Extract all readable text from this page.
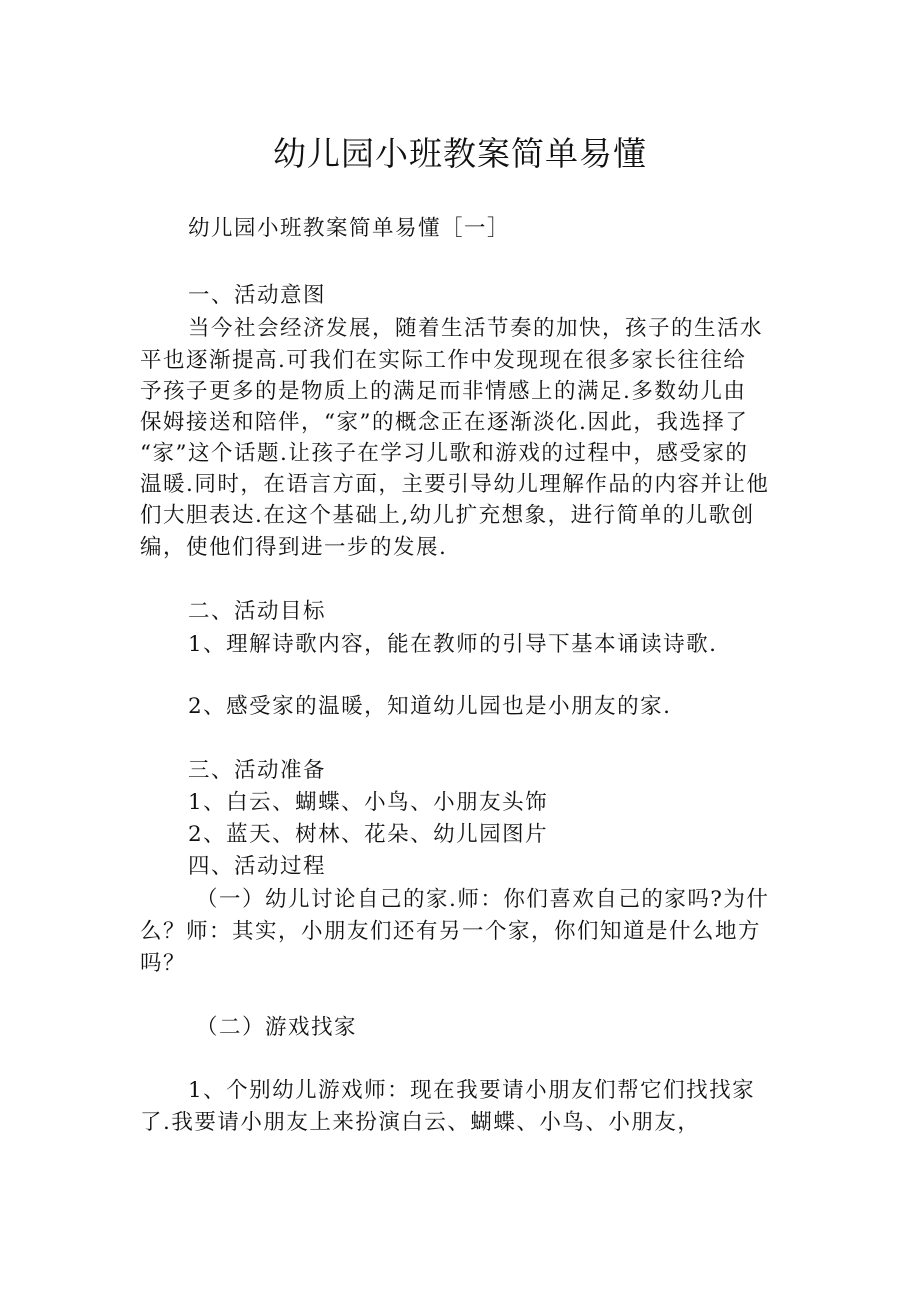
幼儿园小班教案简单易懂
幼儿园小班教案简单易懂［一］
一、活动意图
当今社会经济发展，随着生活节奏的加快，孩子的生活水
平也逐渐提高.可我们在实际工作中发现现在很多家长往往给
予孩子更多的是物质上的满足而非情感上的满足.多数幼儿由
保姆接送和陪伴，“家”的概念正在逐渐淡化.因此，我选择了
“家”这个话题.让孩子在学习儿歌和游戏的过程中，感受家的
温暖.同时，在语言方面，主要引导幼儿理解作品的内容并让他
们大胆表达.在这个基础上,幼儿扩充想象，进行简单的儿歌创
编，使他们得到进一步的发展.
二、活动目标
1、理解诗歌内容，能在教师的引导下基本诵读诗歌.
2、感受家的温暖，知道幼儿园也是小朋友的家.
三、活动准备
1、白云、蝴蝶、小鸟、小朋友头饰
2、蓝天、树林、花朵、幼儿园图片
四、活动过程
（一）幼儿讨论自己的家.师：你们喜欢自己的家吗?为什
么？师：其实，小朋友们还有另一个家，你们知道是什么地方
吗？
（二）游戏找家
1、个别幼儿游戏师：现在我要请小朋友们帮它们找找家
了.我要请小朋友上来扮演白云、蝴蝶、小鸟、小朋友，
